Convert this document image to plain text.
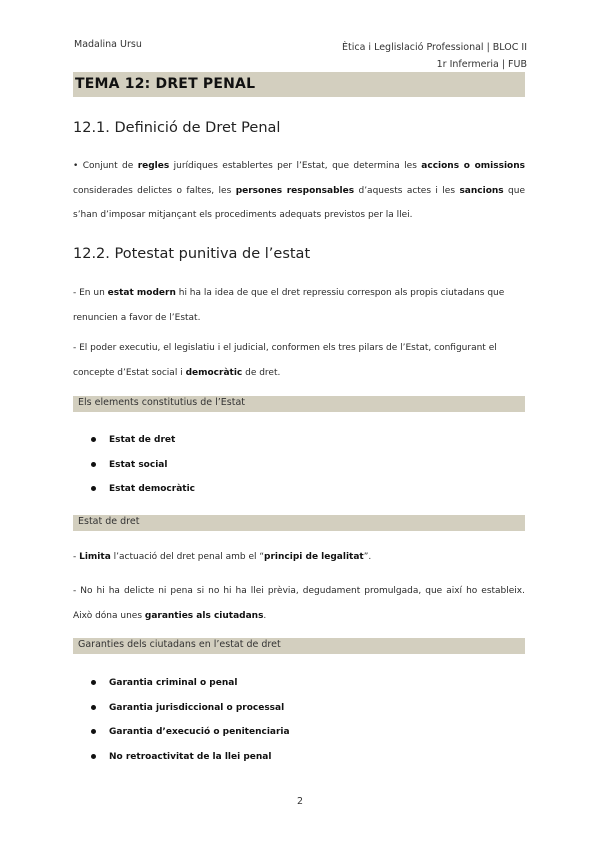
Madalina Ursu	Ètica i Leglislació Professional | BLOC II
1r Infermeria | FUB
TEMA 12: DRET PENAL
12.1. Definició de Dret Penal
• Conjunt de regles jurídiques establertes per l’Estat, que determina les accions o omissions considerades delictes o faltes, les persones responsables d’aquests actes i les sancions que s’han d’imposar mitjançant els procediments adequats previstos per la llei.
12.2. Potestat punitiva de l’estat
- En un estat modern hi ha la idea de que el dret repressiu correspon als propis ciutadans que renuncien a favor de l’Estat.
- El poder executiu, el legislatiu i el judicial, conformen els tres pilars de l’Estat, configurant el concepte d’Estat social i democràtic de dret.
Els elements constitutius de l’Estat
Estat de dret
Estat social
Estat democràtic
Estat de dret
- Limita l’actuació del dret penal amb el “principi de legalitat”.
- No hi ha delicte ni pena si no hi ha llei prèvia, degudament promulgada, que així ho estableix. Això dóna unes garanties als ciutadans.
Garanties dels ciutadans en l’estat de dret
Garantia criminal o penal
Garantia jurisdiccional o processal
Garantia d’execució o penitenciaria
No retroactivitat de la llei penal
2
